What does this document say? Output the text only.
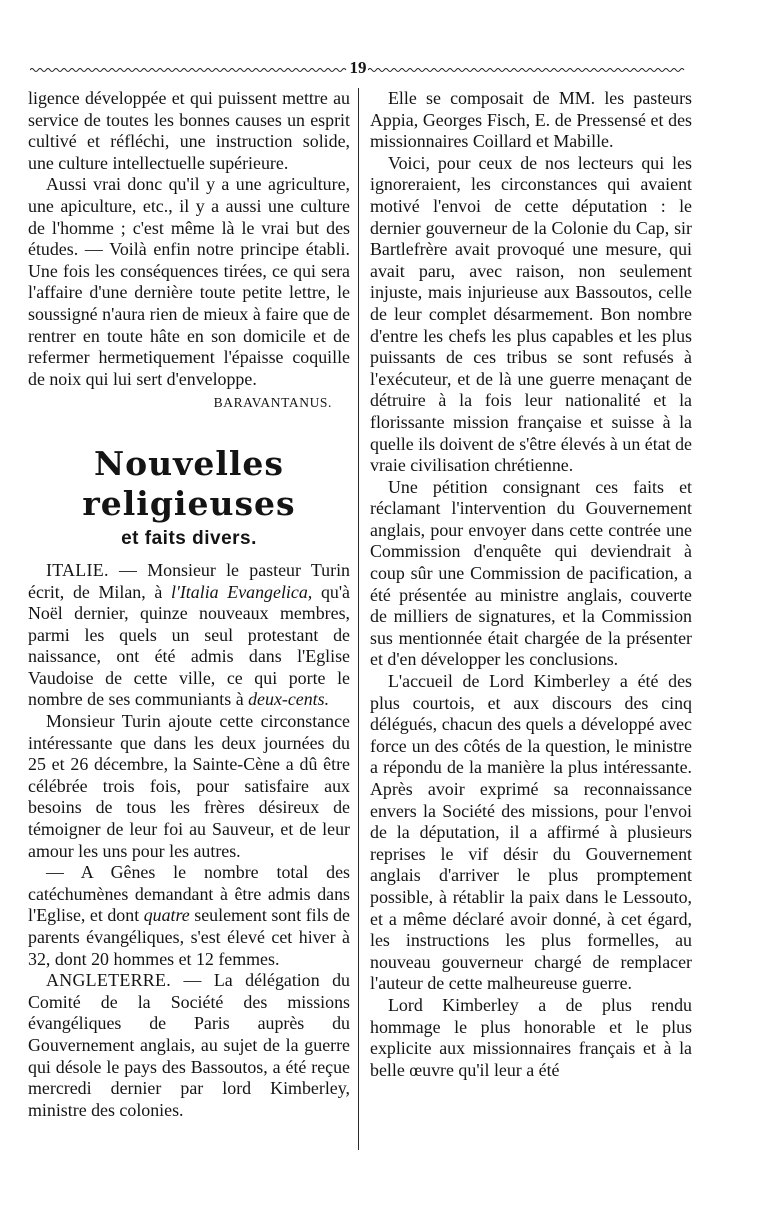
19

ligence développée et qui puissent mettre au service de toutes les bonnes causes un esprit cultivé et réfléchi, une instruction solide, une culture intellectuelle supérieure.

Aussi vrai donc qu'il y a une agriculture, une apiculture, etc., il y a aussi une culture de l'homme ; c'est même là le vrai but des études. — Voilà enfin notre principe établi. Une fois les conséquences tirées, ce qui sera l'affaire d'une dernière toute petite lettre, le soussigné n'aura rien de mieux à faire que de rentrer en toute hâte en son domicile et de refermer hermetiquement l'épaisse coquille de noix qui lui sert d'enveloppe.

BARAVANTANUS.

Nouvelles religieuses
et faits divers.

ITALIE. — Monsieur le pasteur Turin écrit, de Milan, à l'Italia Evangelica, qu'à Noël dernier, quinze nouveaux membres, parmi les quels un seul protestant de naissance, ont été admis dans l'Eglise Vaudoise de cette ville, ce qui porte le nombre de ses communiants à deux-cents.

Monsieur Turin ajoute cette circonstance intéressante que dans les deux journées du 25 et 26 décembre, la Sainte-Cène a dû être célébrée trois fois, pour satisfaire aux besoins de tous les frères désireux de témoigner de leur foi au Sauveur, et de leur amour les uns pour les autres.

— A Gênes le nombre total des catéchumènes demandant à être admis dans l'Eglise, et dont quatre seulement sont fils de parents évangéliques, s'est élevé cet hiver à 32, dont 20 hommes et 12 femmes.

ANGLETERRE. — La délégation du Comité de la Société des missions évangéliques de Paris auprès du Gouvernement anglais, au sujet de la guerre qui désole le pays des Bassoutos, a été reçue mercredi dernier par lord Kimberley, ministre des colonies.

Elle se composait de MM. les pasteurs Appia, Georges Fisch, E. de Pressensé et des missionnaires Coillard et Mabille.

Voici, pour ceux de nos lecteurs qui les ignoreraient, les circonstances qui avaient motivé l'envoi de cette députation : le dernier gouverneur de la Colonie du Cap, sir Bartlefrère avait provoqué une mesure, qui avait paru, avec raison, non seulement injuste, mais injurieuse aux Bassoutos, celle de leur complet désarmement. Bon nombre d'entre les chefs les plus capables et les plus puissants de ces tribus se sont refusés à l'exécuteur, et de là une guerre menaçant de détruire à la fois leur nationalité et la florissante mission française et suisse à la quelle ils doivent de s'être élevés à un état de vraie civilisation chrétienne.

Une pétition consignant ces faits et réclamant l'intervention du Gouvernement anglais, pour envoyer dans cette contrée une Commission d'enquête qui deviendrait à coup sûr une Commission de pacification, a été présentée au ministre anglais, couverte de milliers de signatures, et la Commission sus mentionnée était chargée de la présenter et d'en développer les conclusions.

L'accueil de Lord Kimberley a été des plus courtois, et aux discours des cinq délégués, chacun des quels a développé avec force un des côtés de la question, le ministre a répondu de la manière la plus intéressante. Après avoir exprimé sa reconnaissance envers la Société des missions, pour l'envoi de la députation, il a affirmé à plusieurs reprises le vif désir du Gouvernement anglais d'arriver le plus promptement possible, à rétablir la paix dans le Lessouto, et a même déclaré avoir donné, à cet égard, les instructions les plus formelles, au nouveau gouverneur chargé de remplacer l'auteur de cette malheureuse guerre.

Lord Kimberley a de plus rendu hommage le plus honorable et le plus explicite aux missionnaires français et à la belle œuvre qu'il leur a été
